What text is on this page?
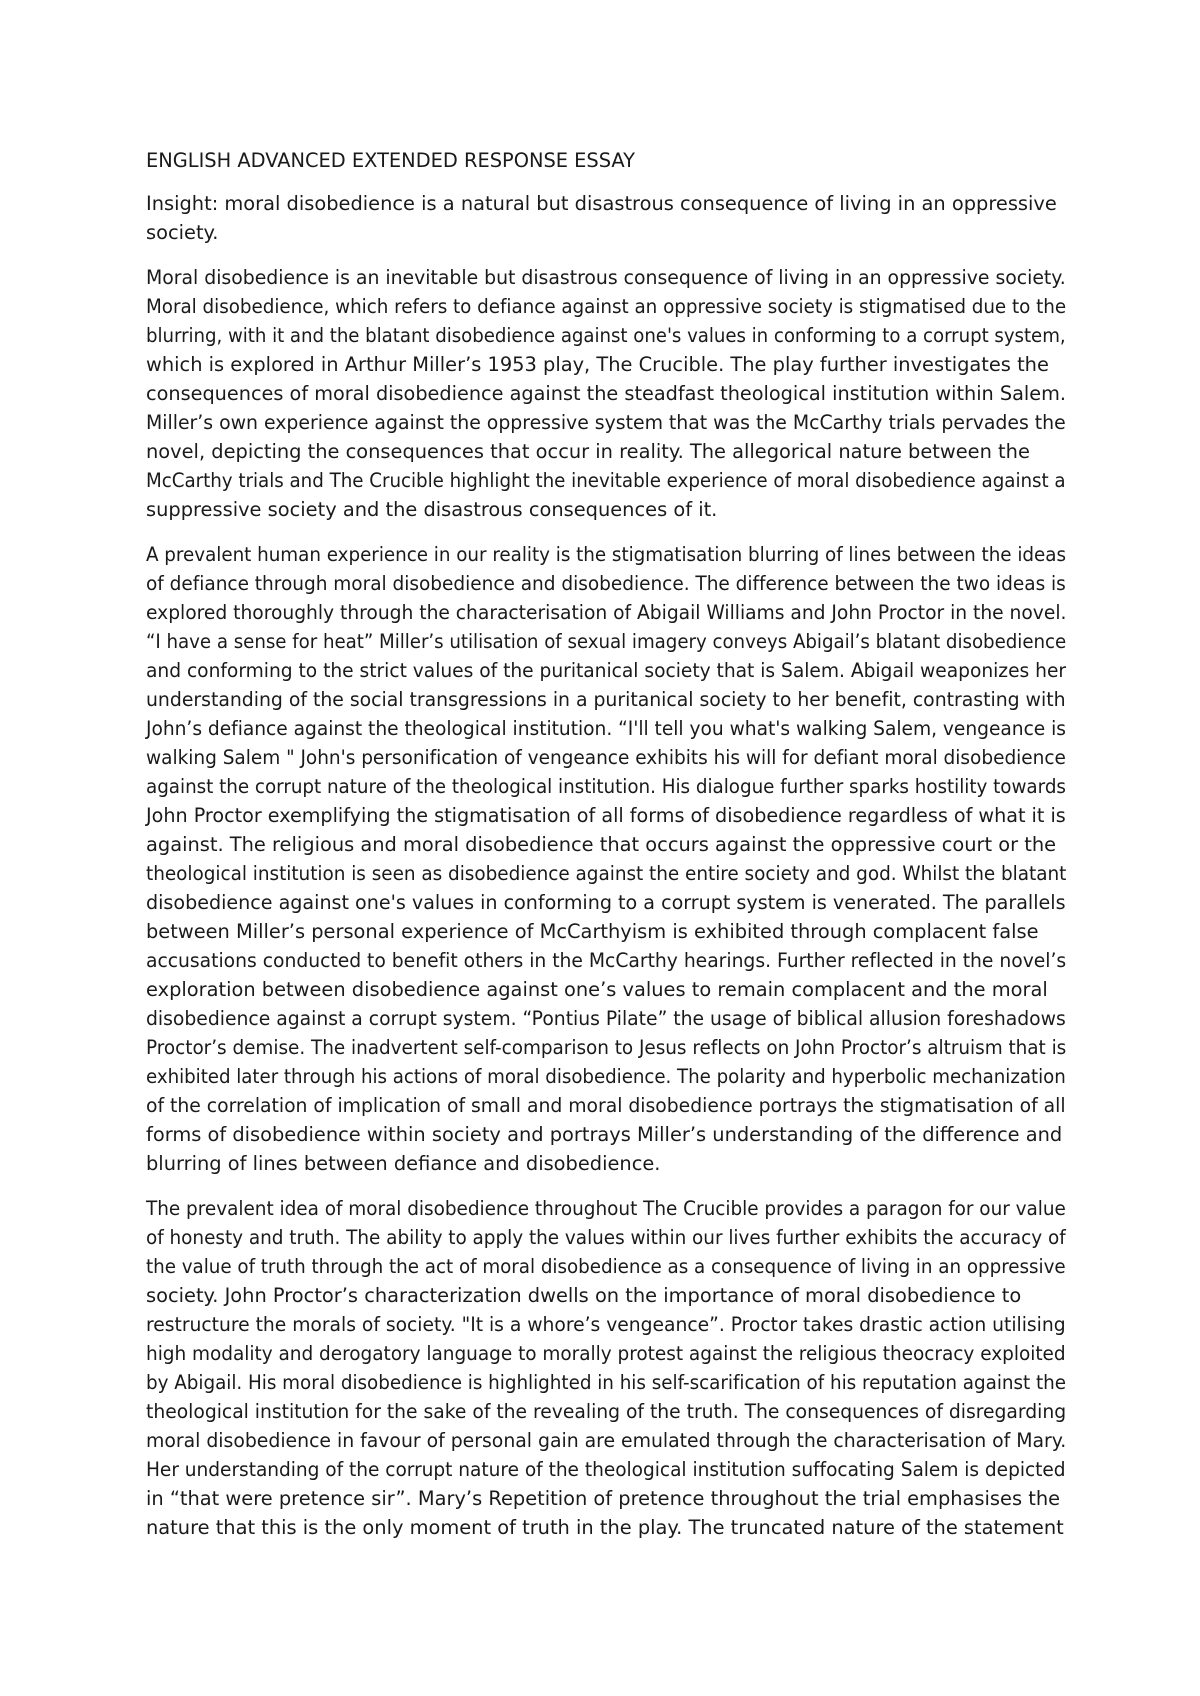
ENGLISH ADVANCED EXTENDED RESPONSE ESSAY

Insight: moral disobedience is a natural but disastrous consequence of living in an oppressive
society.

Moral disobedience is an inevitable but disastrous consequence of living in an oppressive society.
Moral disobedience, which refers to defiance against an oppressive society is stigmatised due to the
blurring, with it and the blatant disobedience against one's values in conforming to a corrupt system,
which is explored in Arthur Miller’s 1953 play, The Crucible. The play further investigates the
consequences of moral disobedience against the steadfast theological institution within Salem.
Miller’s own experience against the oppressive system that was the McCarthy trials pervades the
novel, depicting the consequences that occur in reality. The allegorical nature between the
McCarthy trials and The Crucible highlight the inevitable experience of moral disobedience against a
suppressive society and the disastrous consequences of it.

A prevalent human experience in our reality is the stigmatisation blurring of lines between the ideas
of defiance through moral disobedience and disobedience. The difference between the two ideas is
explored thoroughly through the characterisation of Abigail Williams and John Proctor in the novel.
“I have a sense for heat” Miller’s utilisation of sexual imagery conveys Abigail’s blatant disobedience
and conforming to the strict values of the puritanical society that is Salem. Abigail weaponizes her
understanding of the social transgressions in a puritanical society to her benefit, contrasting with
John’s defiance against the theological institution. “I'll tell you what's walking Salem, vengeance is
walking Salem " John's personification of vengeance exhibits his will for defiant moral disobedience
against the corrupt nature of the theological institution. His dialogue further sparks hostility towards
John Proctor exemplifying the stigmatisation of all forms of disobedience regardless of what it is
against. The religious and moral disobedience that occurs against the oppressive court or the
theological institution is seen as disobedience against the entire society and god. Whilst the blatant
disobedience against one's values in conforming to a corrupt system is venerated. The parallels
between Miller’s personal experience of McCarthyism is exhibited through complacent false
accusations conducted to benefit others in the McCarthy hearings. Further reflected in the novel’s
exploration between disobedience against one’s values to remain complacent and the moral
disobedience against a corrupt system. “Pontius Pilate” the usage of biblical allusion foreshadows
Proctor’s demise. The inadvertent self-comparison to Jesus reflects on John Proctor’s altruism that is
exhibited later through his actions of moral disobedience. The polarity and hyperbolic mechanization
of the correlation of implication of small and moral disobedience portrays the stigmatisation of all
forms of disobedience within society and portrays Miller’s understanding of the difference and
blurring of lines between defiance and disobedience.

The prevalent idea of moral disobedience throughout The Crucible provides a paragon for our value
of honesty and truth. The ability to apply the values within our lives further exhibits the accuracy of
the value of truth through the act of moral disobedience as a consequence of living in an oppressive
society. John Proctor’s characterization dwells on the importance of moral disobedience to
restructure the morals of society. "It is a whore’s vengeance”. Proctor takes drastic action utilising
high modality and derogatory language to morally protest against the religious theocracy exploited
by Abigail. His moral disobedience is highlighted in his self-scarification of his reputation against the
theological institution for the sake of the revealing of the truth. The consequences of disregarding
moral disobedience in favour of personal gain are emulated through the characterisation of Mary.
Her understanding of the corrupt nature of the theological institution suffocating Salem is depicted
in “that were pretence sir”. Mary’s Repetition of pretence throughout the trial emphasises the
nature that this is the only moment of truth in the play. The truncated nature of the statement
